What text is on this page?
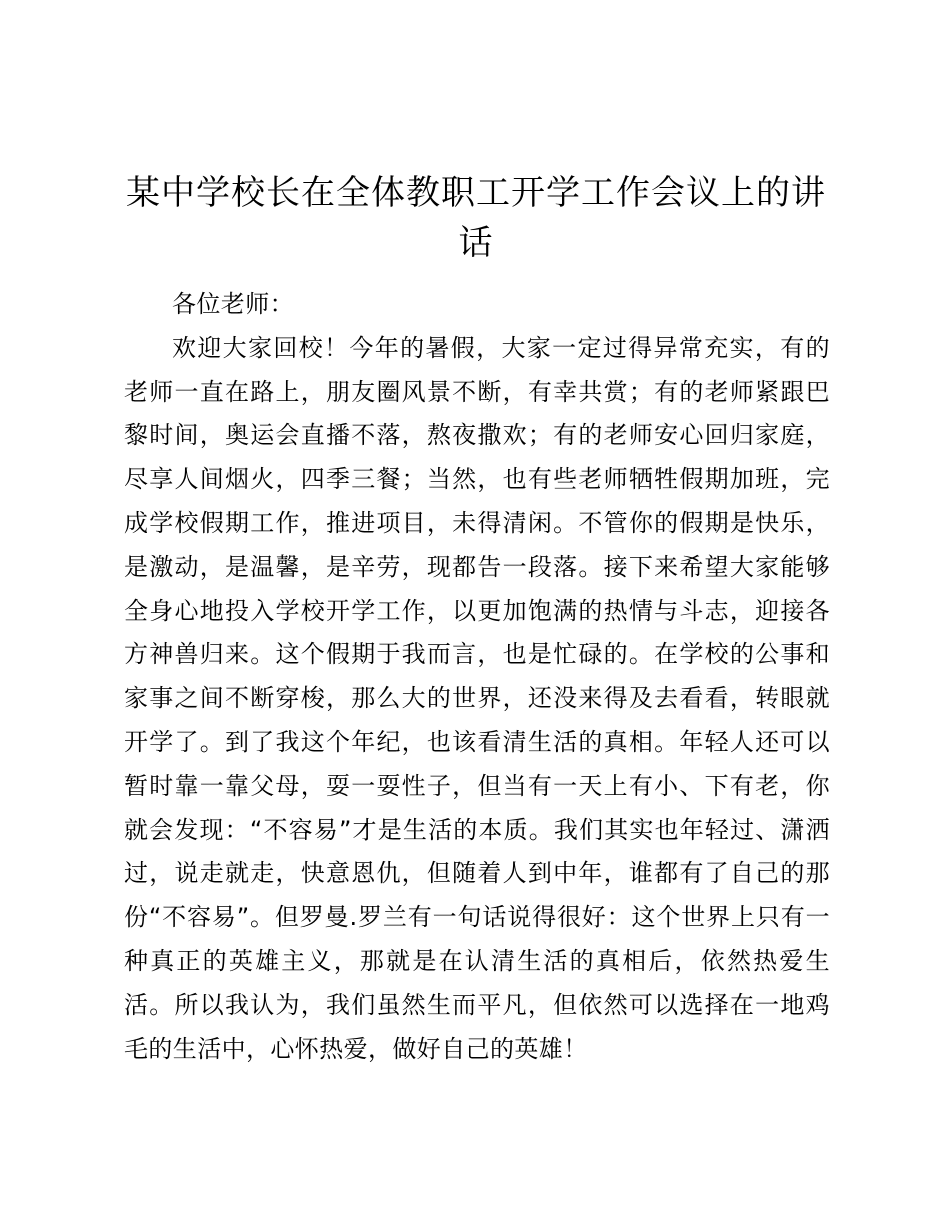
某中学校长在全体教职工开学工作会议上的讲话

各位老师：

欢迎大家回校！今年的暑假，大家一定过得异常充实，有的老师一直在路上，朋友圈风景不断，有幸共赏；有的老师紧跟巴黎时间，奥运会直播不落，熬夜撒欢；有的老师安心回归家庭，尽享人间烟火，四季三餐；当然，也有些老师牺牲假期加班，完成学校假期工作，推进项目，未得清闲。不管你的假期是快乐，是激动，是温馨，是辛劳，现都告一段落。接下来希望大家能够全身心地投入学校开学工作，以更加饱满的热情与斗志，迎接各方神兽归来。这个假期于我而言，也是忙碌的。在学校的公事和家事之间不断穿梭，那么大的世界，还没来得及去看看，转眼就开学了。到了我这个年纪，也该看清生活的真相。年轻人还可以暂时靠一靠父母，耍一耍性子，但当有一天上有小、下有老，你就会发现：“不容易”才是生活的本质。我们其实也年轻过、潇洒过，说走就走，快意恩仇，但随着人到中年，谁都有了自己的那份“不容易”。但罗曼.罗兰有一句话说得很好：这个世界上只有一种真正的英雄主义，那就是在认清生活的真相后，依然热爱生活。所以我认为，我们虽然生而平凡，但依然可以选择在一地鸡毛的生活中，心怀热爱，做好自己的英雄！
